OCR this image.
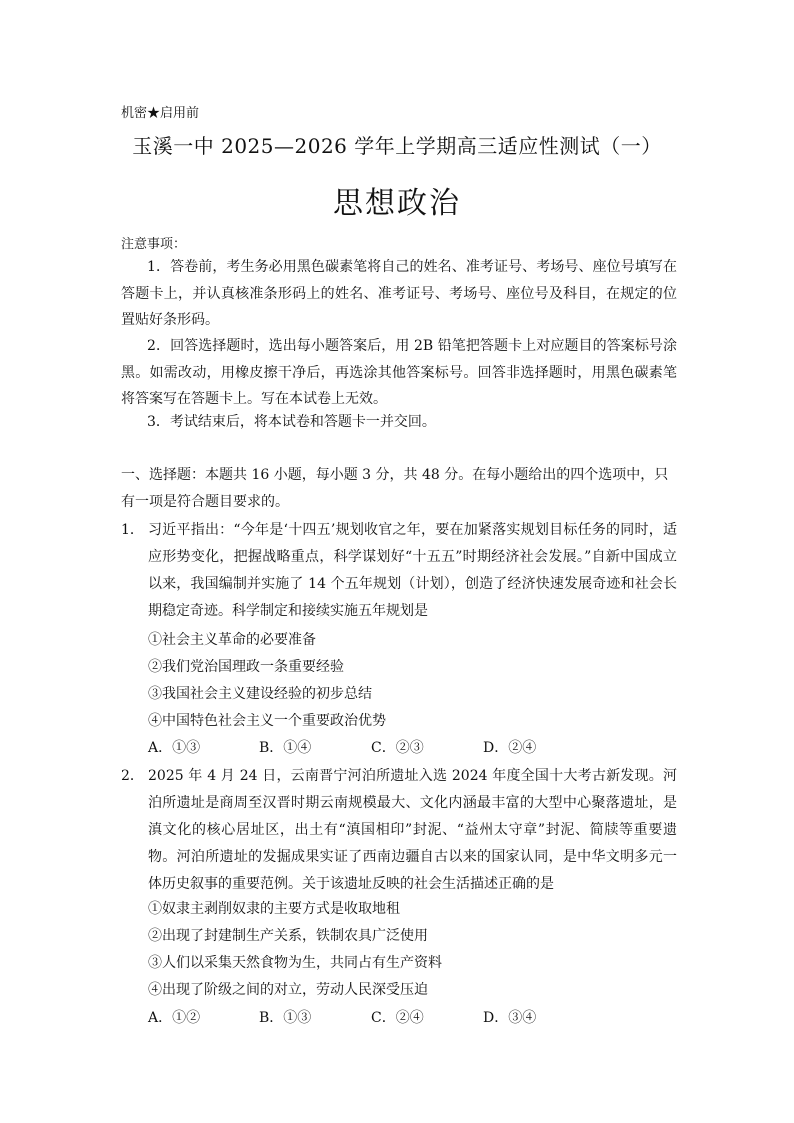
机密★启用前
玉溪一中 2025—2026 学年上学期高三适应性测试（一）
思想政治
注意事项：
1．答卷前，考生务必用黑色碳素笔将自己的姓名、准考证号、考场号、座位号填写在答题卡上，并认真核准条形码上的姓名、准考证号、考场号、座位号及科目，在规定的位置贴好条形码。
2．回答选择题时，选出每小题答案后，用 2B 铅笔把答题卡上对应题目的答案标号涂黑。如需改动，用橡皮擦干净后，再选涂其他答案标号。回答非选择题时，用黑色碳素笔将答案写在答题卡上。写在本试卷上无效。
3．考试结束后，将本试卷和答题卡一并交回。
一、选择题：本题共 16 小题，每小题 3 分，共 48 分。在每小题给出的四个选项中，只有一项是符合题目要求的。
1． 习近平指出：“今年是‘十四五’规划收官之年，要在加紧落实规划目标任务的同时，适应形势变化，把握战略重点，科学谋划好“十五五”时期经济社会发展。”自新中国成立以来，我国编制并实施了 14 个五年规划（计划），创造了经济快速发展奇迹和社会长期稳定奇迹。科学制定和接续实施五年规划是
①社会主义革命的必要准备
②我们党治国理政一条重要经验
③我国社会主义建设经验的初步总结
④中国特色社会主义一个重要政治优势
A．①③	B．①④	C．②③	D．②④
2． 2025 年 4 月 24 日，云南晋宁河泊所遗址入选 2024 年度全国十大考古新发现。河泊所遗址是商周至汉晋时期云南规模最大、文化内涵最丰富的大型中心聚落遗址，是滇文化的核心居址区，出土有“滇国相印”封泥、“益州太守章”封泥、简牍等重要遗物。河泊所遗址的发掘成果实证了西南边疆自古以来的国家认同，是中华文明多元一体历史叙事的重要范例。关于该遗址反映的社会生活描述正确的是
①奴隶主剥削奴隶的主要方式是收取地租
②出现了封建制生产关系，铁制农具广泛使用
③人们以采集天然食物为生，共同占有生产资料
④出现了阶级之间的对立，劳动人民深受压迫
A．①②	B．①③	C．②④	D．③④
